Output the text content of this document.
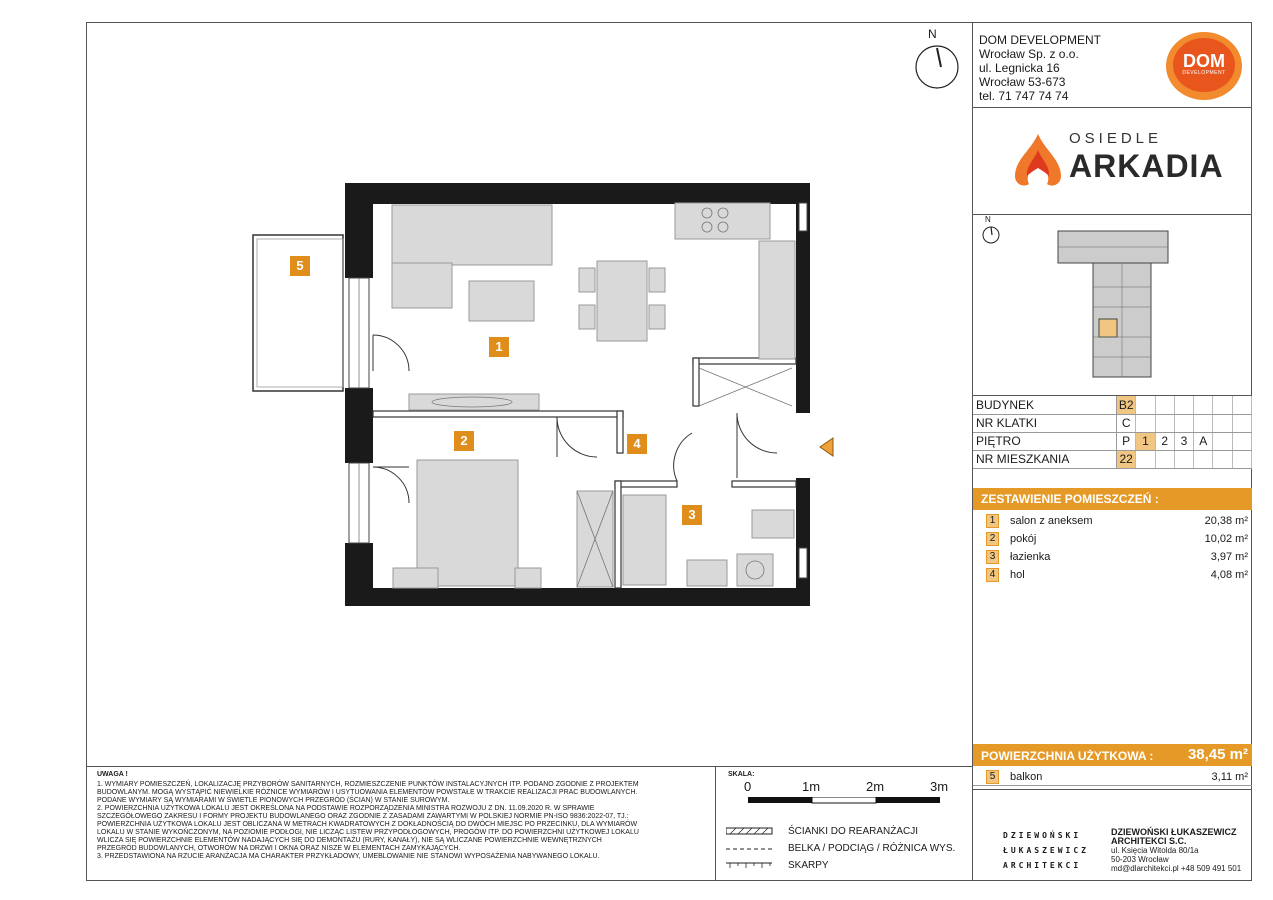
5
1
2	4
3
N	DOM DEVELOPMENT
Wrocław Sp. z o.o.
ul. Legnicka 16
Wrocław 53-673
tel. 71 747 74 74
DOM
DEVELOPMENT
OSIEDLE
ARKADIA
N
BUDYNEK	B2						
NR KLATKI	C						
PIĘTRO	P	1	2	3	A		
NR MIESZKANIA	22						
ZESTAWIENIE POMIESZCZEŃ :
1	salon z aneksem	20,38 m²
2	pokój	10,02 m²
3	łazienka	3,97 m²
4	hol	4,08 m²
POWIERZCHNIA UŻYTKOWA : 38,45 m²
5	balkon	3,11 m²
DZIEWOŃSKI
ŁUKASZEWICZ
ARCHITEKCI
DZIEWOŃSKI ŁUKASZEWICZ
ARCHITEKCI S.C.
ul. Księcia Witolda 80/1a
50-203 Wrocław
md@dlarchitekci.pl +48 509 491 501
UWAGA !
1. WYMIARY POMIESZCZEŃ, LOKALIZACJĘ PRZYBORÓW SANITARNYCH, ROZMIESZCZENIE PUNKTÓW INSTALACYJNYCH ITP. PODANO ZGODNIE Z PROJEKTEM
BUDOWLANYM. MOGĄ WYSTĄPIĆ NIEWIELKIE RÓŻNICE WYMIARÓW I USYTUOWANIA ELEMENTÓW POWSTAŁE W TRAKCIE REALIZACJI PRAC BUDOWLANYCH.
PODANE WYMIARY SĄ WYMIARAMI W ŚWIETLE PIONOWYCH PRZEGRÓD (ŚCIAN) W STANIE SUROWYM.
2. POWIERZCHNIA UŻYTKOWA LOKALU JEST OKREŚLONA NA PODSTAWIE ROZPORZĄDZENIA MINISTRA ROZWOJU Z DN. 11.09.2020 R. W SPRAWIE
SZCZEGÓŁOWEGO ZAKRESU I FORMY PROJEKTU BUDOWLANEGO ORAZ ZGODNIE Z ZASADAMI ZAWARTYMI W POLSKIEJ NORMIE PN-ISO 9836:2022-07, TJ.:
POWIERZCHNIA UŻYTKOWA LOKALU JEST OBLICZANA W METRACH KWADRATOWYCH Z DOKŁADNOŚCIĄ DO DWÓCH MIEJSC PO PRZECINKU, DLA WYMIARÓW
LOKALU W STANIE WYKOŃCZONYM, NA POZIOMIE PODŁOGI, NIE LICZĄC LISTEW PRZYPODŁOGOWYCH, PROGÓW ITP. DO POWIERZCHNI UŻYTKOWEJ LOKALU
WLICZA SIĘ POWIERZCHNIE ELEMENTÓW NADAJĄCYCH SIĘ DO DEMONTAŻU (RURY, KANAŁY), NIE SĄ WLICZANE POWIERZCHNIE WEWNĘTRZNYCH
PRZEGRÓD BUDOWLANYCH, OTWORÓW NA DRZWI I OKNA ORAZ NISZE W ELEMENTACH ZAMYKAJĄCYCH.
3. PRZEDSTAWIONA NA RZUCIE ARANŻACJA MA CHARAKTER PRZYKŁADOWY, UMEBLOWANIE NIE STANOWI WYPOSAŻENIA NABYWANEGO LOKALU.
SKALA:
0	1m	2m	3m
ŚCIANKI DO REARANŻACJI
BELKA / PODCIĄG / RÓŻNICA WYS.
SKARPY
